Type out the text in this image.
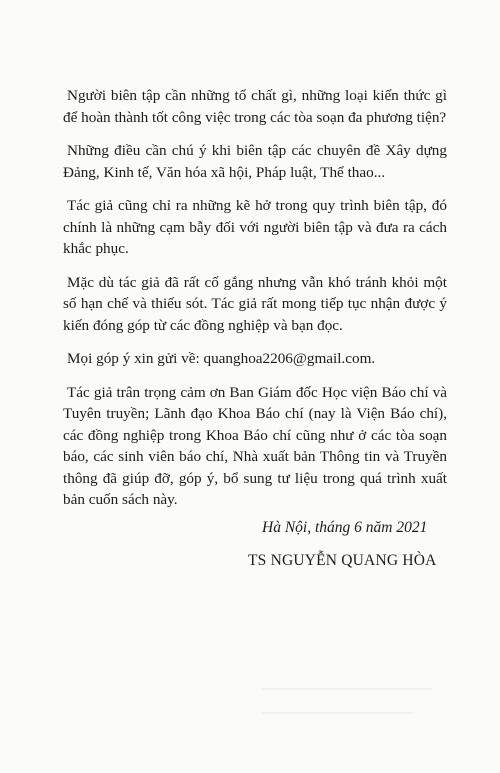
Người biên tập cần những tố chất gì, những loại kiến thức gì để hoàn thành tốt công việc trong các tòa soạn đa phương tiện?

Những điều cần chú ý khi biên tập các chuyên đề Xây dựng Đảng, Kinh tế, Văn hóa xã hội, Pháp luật, Thể thao...

Tác giả cũng chỉ ra những kẽ hở trong quy trình biên tập, đó chính là những cạm bẫy đối với người biên tập và đưa ra cách khắc phục.

Mặc dù tác giả đã rất cố gắng nhưng vẫn khó tránh khỏi một số hạn chế và thiếu sót. Tác giả rất mong tiếp tục nhận được ý kiến đóng góp từ các đồng nghiệp và bạn đọc.

Mọi góp ý xin gửi về: quanghoa2206@gmail.com.

Tác giả trân trọng cảm ơn Ban Giám đốc Học viện Báo chí và Tuyên truyền; Lãnh đạo Khoa Báo chí (nay là Viện Báo chí), các đồng nghiệp trong Khoa Báo chí cũng như ở các tòa soạn báo, các sinh viên báo chí, Nhà xuất bản Thông tin và Truyền thông đã giúp đỡ, góp ý, bổ sung tư liệu trong quá trình xuất bản cuốn sách này.

Hà Nội, tháng 6 năm 2021
TS NGUYỄN QUANG HÒA
